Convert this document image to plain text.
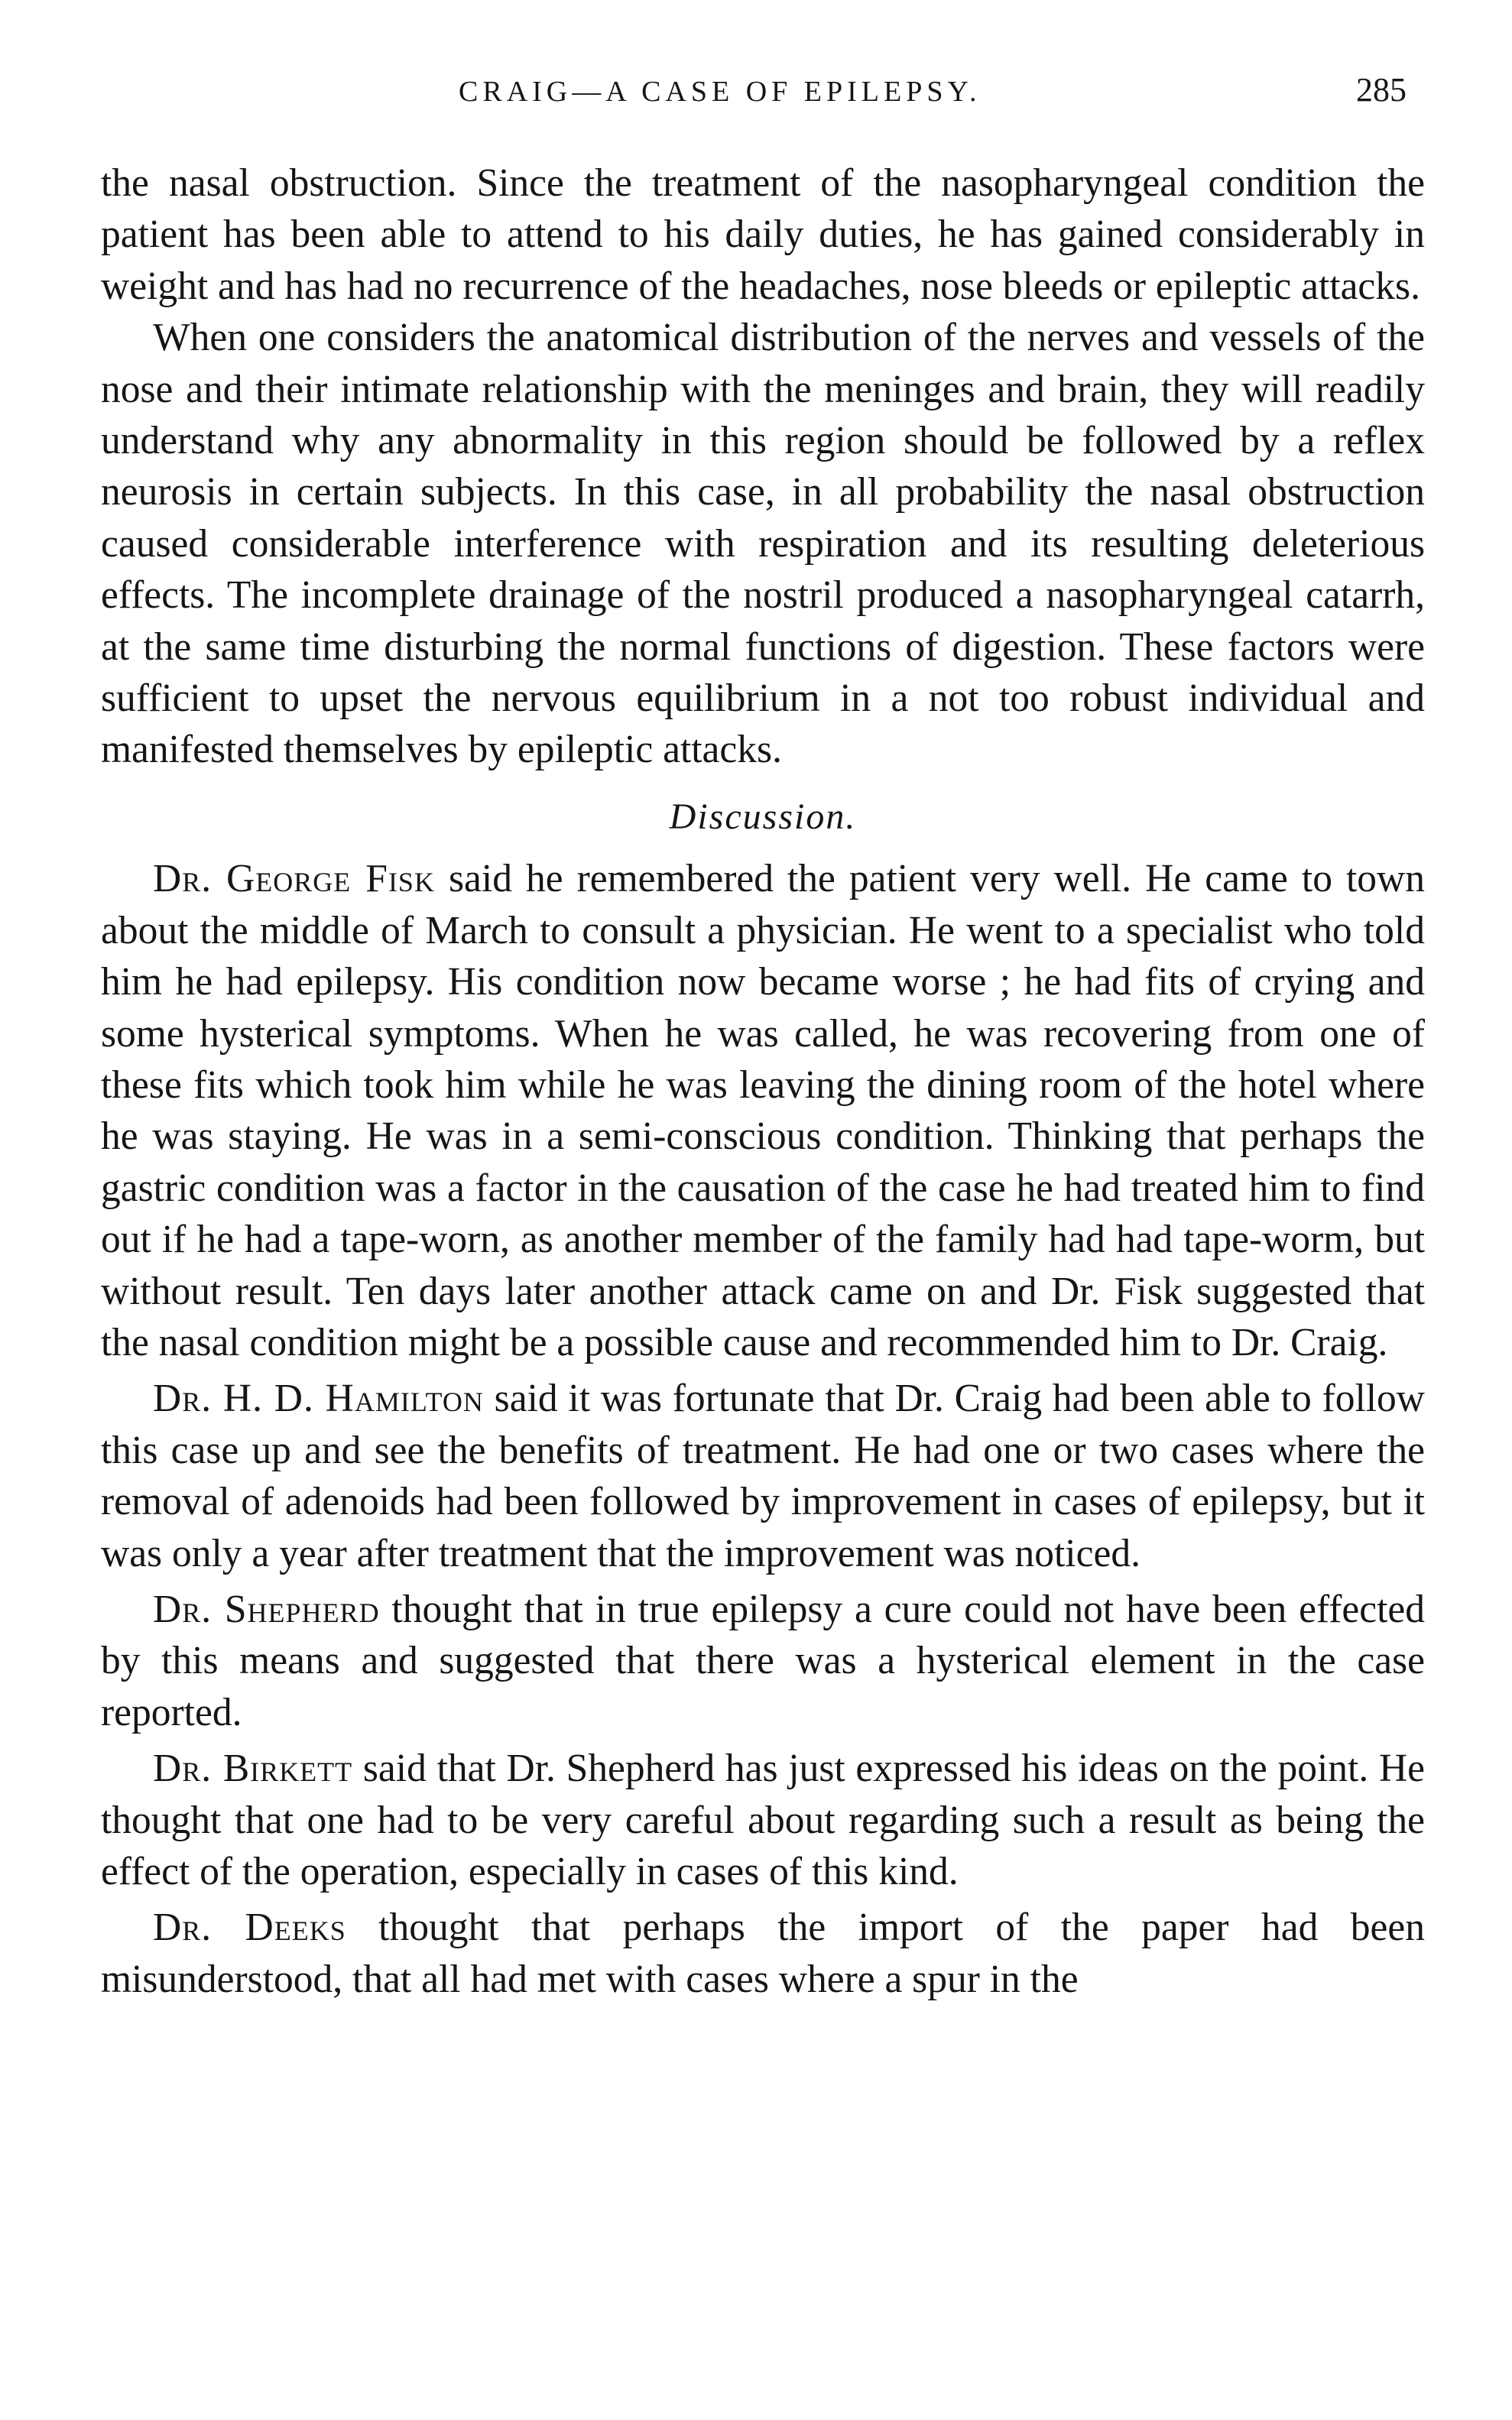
CRAIG—A CASE OF EPILEPSY.	285

the nasal obstruction. Since the treatment of the nasopharyngeal condition the patient has been able to attend to his daily duties, he has gained considerably in weight and has had no recurrence of the headaches, nose bleeds or epileptic attacks.

When one considers the anatomical distribution of the nerves and vessels of the nose and their intimate relationship with the meninges and brain, they will readily understand why any abnormality in this region should be followed by a reflex neurosis in certain subjects. In this case, in all probability the nasal obstruction caused considerable interference with respiration and its resulting deleterious effects. The incomplete drainage of the nostril produced a nasopharyngeal catarrh, at the same time disturbing the normal functions of digestion. These factors were sufficient to upset the nervous equilibrium in a not too robust individual and manifested themselves by epileptic attacks.

Discussion.

Dr. George Fisk said he remembered the patient very well. He came to town about the middle of March to consult a physician. He went to a specialist who told him he had epilepsy. His condition now became worse ; he had fits of crying and some hysterical symptoms. When he was called, he was recovering from one of these fits which took him while he was leaving the dining room of the hotel where he was staying. He was in a semi-conscious condition. Thinking that perhaps the gastric condition was a factor in the causation of the case he had treated him to find out if he had a tape-worn, as another member of the family had had tape-worm, but without result. Ten days later another attack came on and Dr. Fisk suggested that the nasal condition might be a possible cause and recommended him to Dr. Craig.

Dr. H. D. Hamilton said it was fortunate that Dr. Craig had been able to follow this case up and see the benefits of treatment. He had one or two cases where the removal of adenoids had been followed by improvement in cases of epilepsy, but it was only a year after treatment that the improvement was noticed.

Dr. Shepherd thought that in true epilepsy a cure could not have been effected by this means and suggested that there was a hysterical element in the case reported.

Dr. Birkett said that Dr. Shepherd has just expressed his ideas on the point. He thought that one had to be very careful about regarding such a result as being the effect of the operation, especially in cases of this kind.

Dr. Deeks thought that perhaps the import of the paper had been misunderstood, that all had met with cases where a spur in the
